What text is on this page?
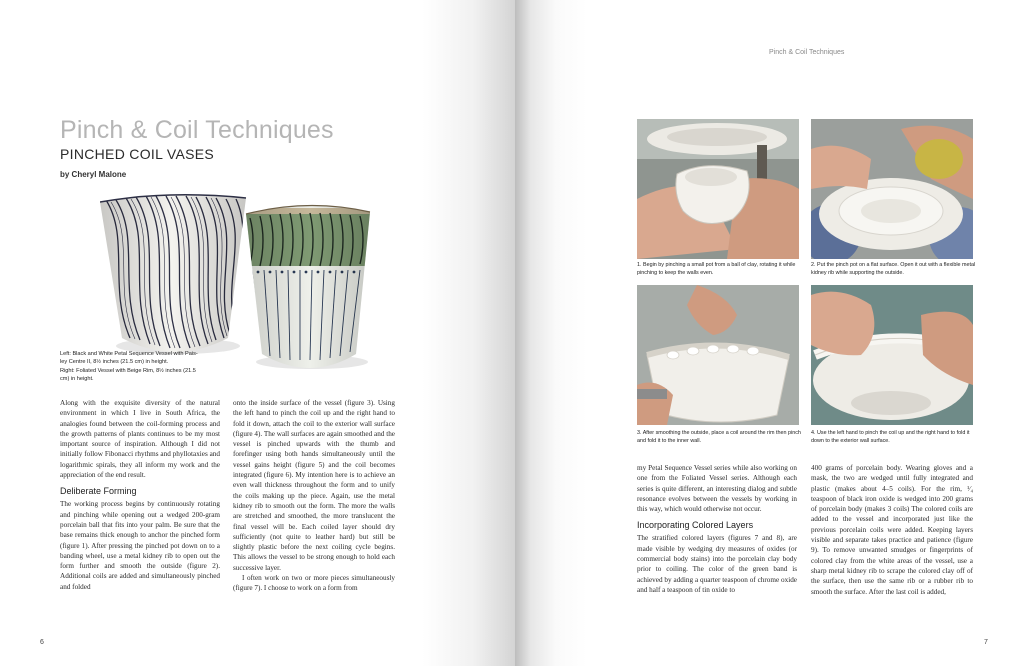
Pinch & Coil Techniques
PINCHED COIL VASES
by Cheryl Malone

Left: Black and White Petal Sequence Vessel with Pais-

ley Centre II, 8½ inches (21.5 cm) in height.

Right: Foliated Vessel with Beige Rim, 8½ inches (21.5

cm) in height.

Along with the exquisite diversity of the natural environment in which I live in South Africa, the analogies found between the coil-forming process and the growth patterns of plants continues to be my most important source of inspiration. Although I did not initially follow Fibonacci rhythms and phyllotaxies and logarithmic spirals, they all inform my work and the appreciation of the end result.

Deliberate Forming

The working process begins by continuously rotating and pinching while opening out a wedged 200-gram porcelain ball that fits into your palm. Be sure that the base remains thick enough to anchor the pinched form (figure 1). After pressing the pinched pot down on to a banding wheel, use a metal kidney rib to open out the form further and smooth the outside (figure 2). Additional coils are added and simultaneously pinched and folded

onto the inside surface of the vessel (figure 3). Using the left hand to pinch the coil up and the right hand to fold it down, attach the coil to the exterior wall surface (figure 4). The wall surfaces are again smoothed and the vessel is pinched upwards with the thumb and forefinger using both hands simultaneously until the vessel gains height (figure 5) and the coil becomes integrated (figure 6). My intention here is to achieve an even wall thickness throughout the form and to unify the coils making up the piece. Again, use the metal kidney rib to smooth out the form. The more the walls are stretched and smoothed, the more translucent the final vessel will be. Each coiled layer should dry sufficiently (not quite to leather hard) but still be slightly plastic before the next coiling cycle begins. This allows the vessel to be strong enough to hold each successive layer.

I often work on two or more pieces simultaneously (figure 7). I choose to work on a form from

6
Pinch & Coil Techniques
1. Begin by pinching a small pot from a ball of clay, rotating it while pinching to keep the walls even.
2. Put the pinch pot on a flat surface. Open it out with a flexible metal kidney rib while supporting the outside.
3. After smoothing the outside, place a coil around the rim then pinch and fold it to the inner wall.
4. Use the left hand to pinch the coil up and the right hand to fold it down to the exterior wall surface.

my Petal Sequence Vessel series while also working on one from the Foliated Vessel series. Although each series is quite different, an interesting dialog and subtle resonance evolves between the vessels by working in this way, which would otherwise not occur.

Incorporating Colored Layers

The stratified colored layers (figures 7 and 8), are made visible by wedging dry measures of oxides (or commercial body stains) into the porcelain clay body prior to coiling. The color of the green band is achieved by adding a quarter teaspoon of chrome oxide and half a teaspoon of tin oxide to

400 grams of porcelain body. Wearing gloves and a mask, the two are wedged until fully integrated and plastic (makes about 4–5 coils). For the rim, ¹⁄₄ teaspoon of black iron oxide is wedged into 200 grams of porcelain body (makes 3 coils) The colored coils are added to the vessel and incorporated just like the previous porcelain coils were added. Keeping layers visible and separate takes practice and patience (figure 9). To remove unwanted smudges or fingerprints of colored clay from the white areas of the vessel, use a sharp metal kidney rib to scrape the colored clay off of the surface, then use the same rib or a rubber rib to smooth the surface. After the last coil is added,

7
